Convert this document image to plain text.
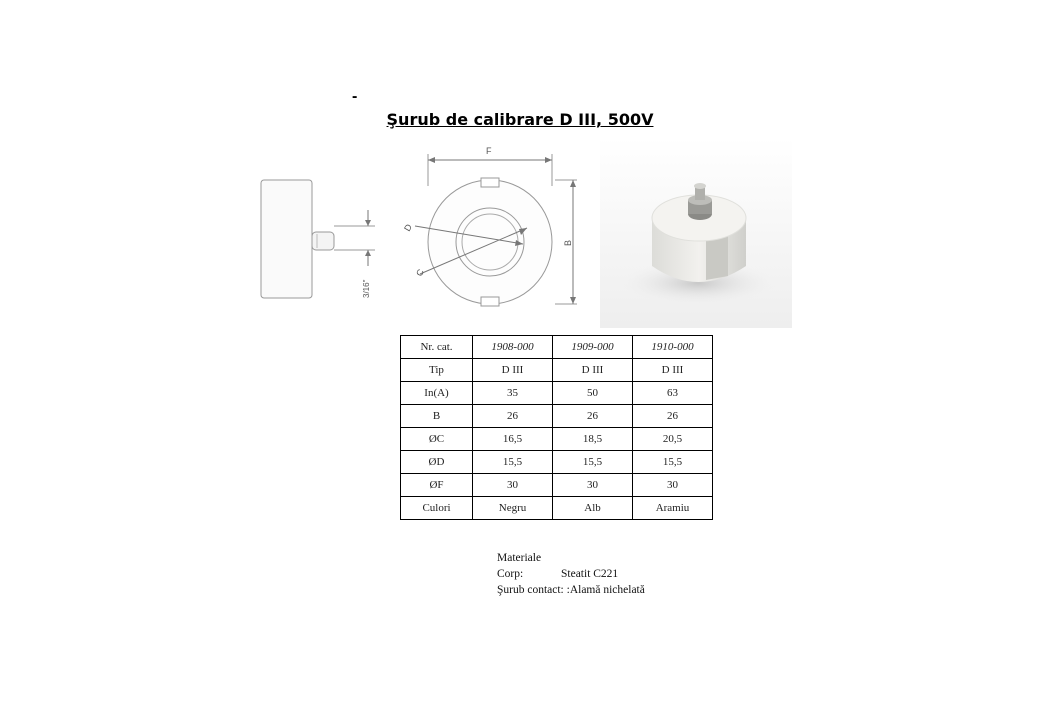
-
Şurub de calibrare D III, 500V
3/16"
F
D
C
B
Nr. cat.	1908-000	1909-000	1910-000
Tip	D III	D III	D III
In(A)	35	50	63
B	26	26	26
ØC	16,5	18,5	20,5
ØD	15,5	15,5	15,5
ØF	30	30	30
Culori	Negru	Alb	Aramiu
Materiale
Corp:	Steatit C221
Şurub contact: :Alamă nichelată
